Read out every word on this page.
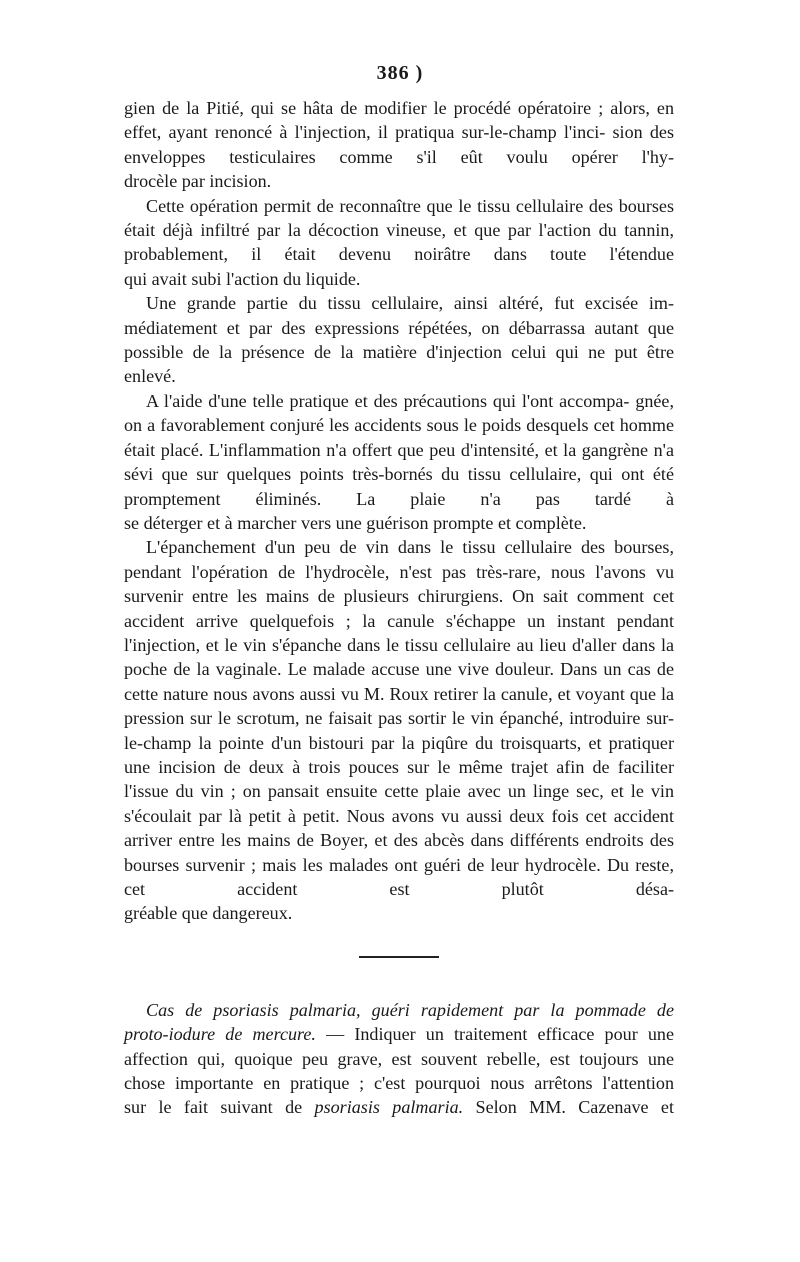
386 )

gien de la Pitié, qui se hâta de modifier le procédé opératoire ; alors, en effet, ayant renoncé à l'injection, il pratiqua sur-le-champ l'inci- sion des enveloppes testiculaires comme s'il eût voulu opérer l'hy-

drocèle par incision.

Cette opération permit de reconnaître que le tissu cellulaire des bourses était déjà infiltré par la décoction vineuse, et que par l'action du tannin, probablement, il était devenu noirâtre dans toute l'étendue

qui avait subi l'action du liquide.

Une grande partie du tissu cellulaire, ainsi altéré, fut excisée im- médiatement et par des expressions répétées, on débarrassa autant que possible de la présence de la matière d'injection celui qui ne put être

enlevé.

A l'aide d'une telle pratique et des précautions qui l'ont accompa- gnée, on a favorablement conjuré les accidents sous le poids desquels cet homme était placé. L'inflammation n'a offert que peu d'intensité, et la gangrène n'a sévi que sur quelques points très-bornés du tissu cellulaire, qui ont été promptement éliminés. La plaie n'a pas tardé à

se déterger et à marcher vers une guérison prompte et complète.

L'épanchement d'un peu de vin dans le tissu cellulaire des bourses, pendant l'opération de l'hydrocèle, n'est pas très-rare, nous l'avons vu survenir entre les mains de plusieurs chirurgiens. On sait comment cet accident arrive quelquefois ; la canule s'échappe un instant pendant l'injection, et le vin s'épanche dans le tissu cellulaire au lieu d'aller dans la poche de la vaginale. Le malade accuse une vive douleur. Dans un cas de cette nature nous avons aussi vu M. Roux retirer la canule, et voyant que la pression sur le scrotum, ne faisait pas sortir le vin épanché, introduire sur-le-champ la pointe d'un bistouri par la piqûre du troisquarts, et pratiquer une incision de deux à trois pouces sur le même trajet afin de faciliter l'issue du vin ; on pansait ensuite cette plaie avec un linge sec, et le vin s'écoulait par là petit à petit. Nous avons vu aussi deux fois cet accident arriver entre les mains de Boyer, et des abcès dans différents endroits des bourses survenir ; mais les malades ont guéri de leur hydrocèle. Du reste, cet accident est plutôt désa-

gréable que dangereux.

Cas de psoriasis palmaria, guéri rapidement par la pommade de

proto-iodure de mercure. — Indiquer un traitement efficace pour une

affection qui, quoique peu grave, est souvent rebelle, est toujours une

chose importante en pratique ; c'est pourquoi nous arrêtons l'attention

sur le fait suivant de psoriasis palmaria. Selon MM. Cazenave et
